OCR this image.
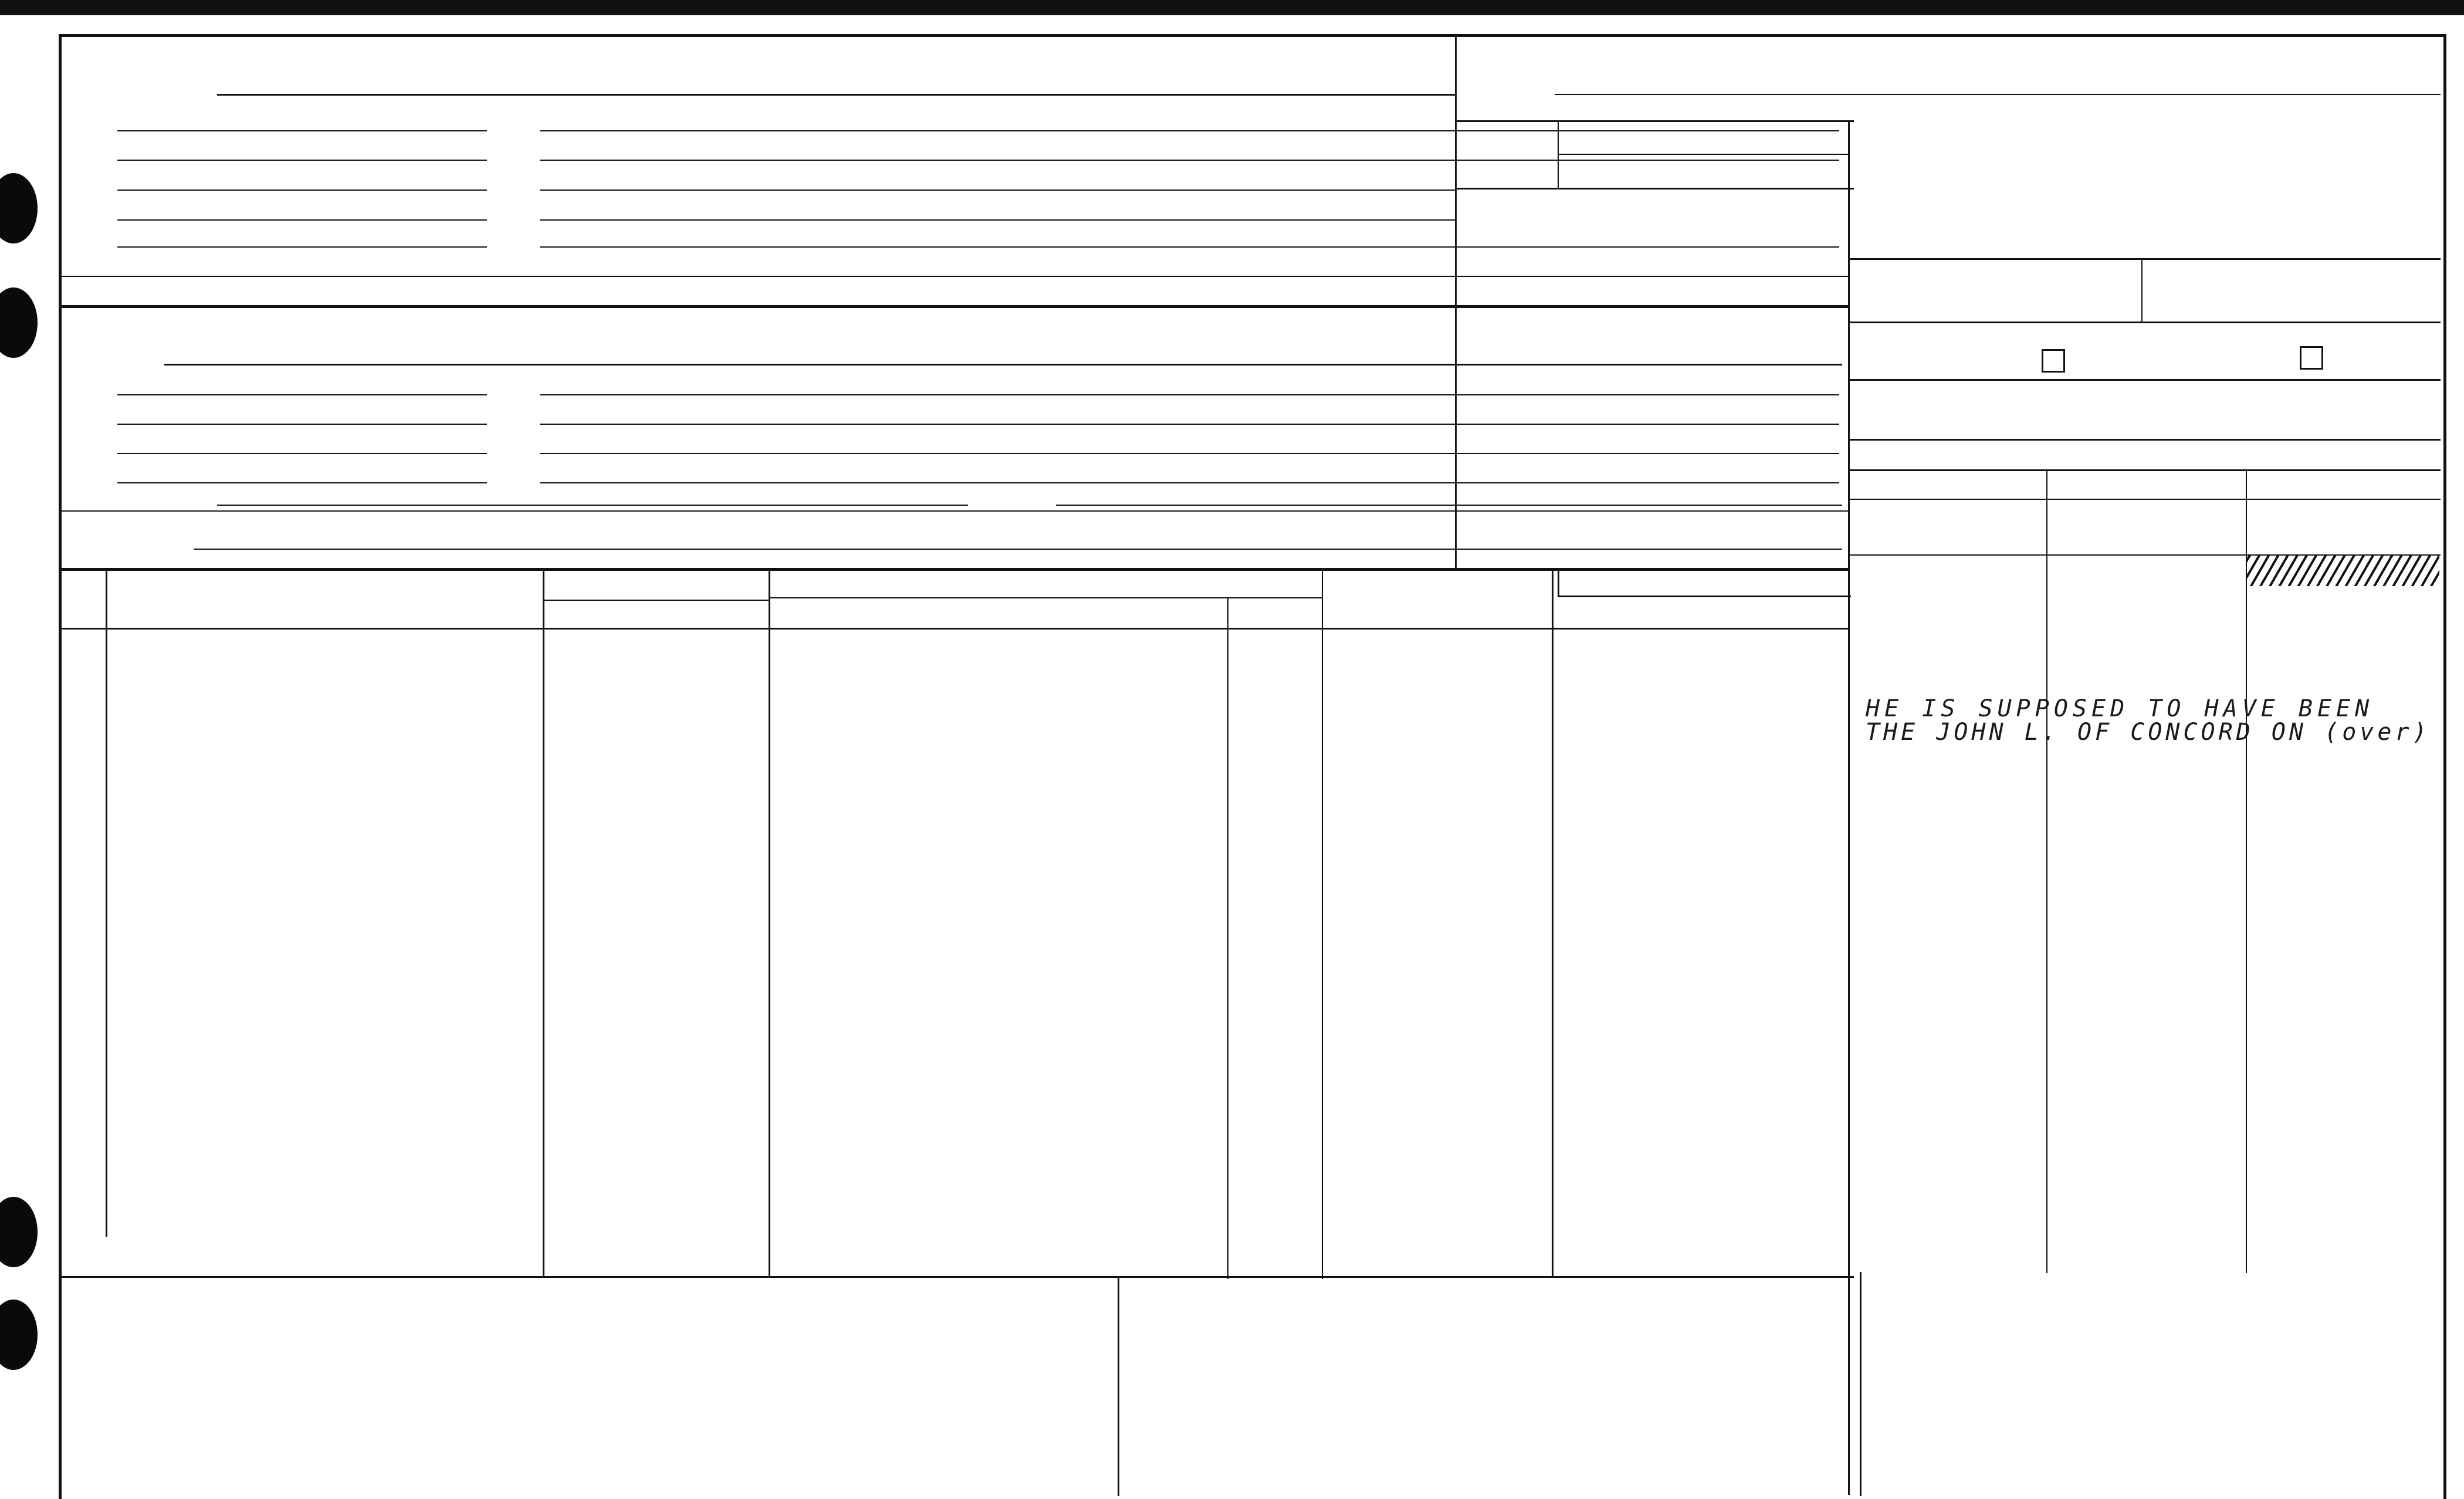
HE IS SUPPOSED TO HAVE BEEN
THE JOHN L. OF CONCORD ON (over)
